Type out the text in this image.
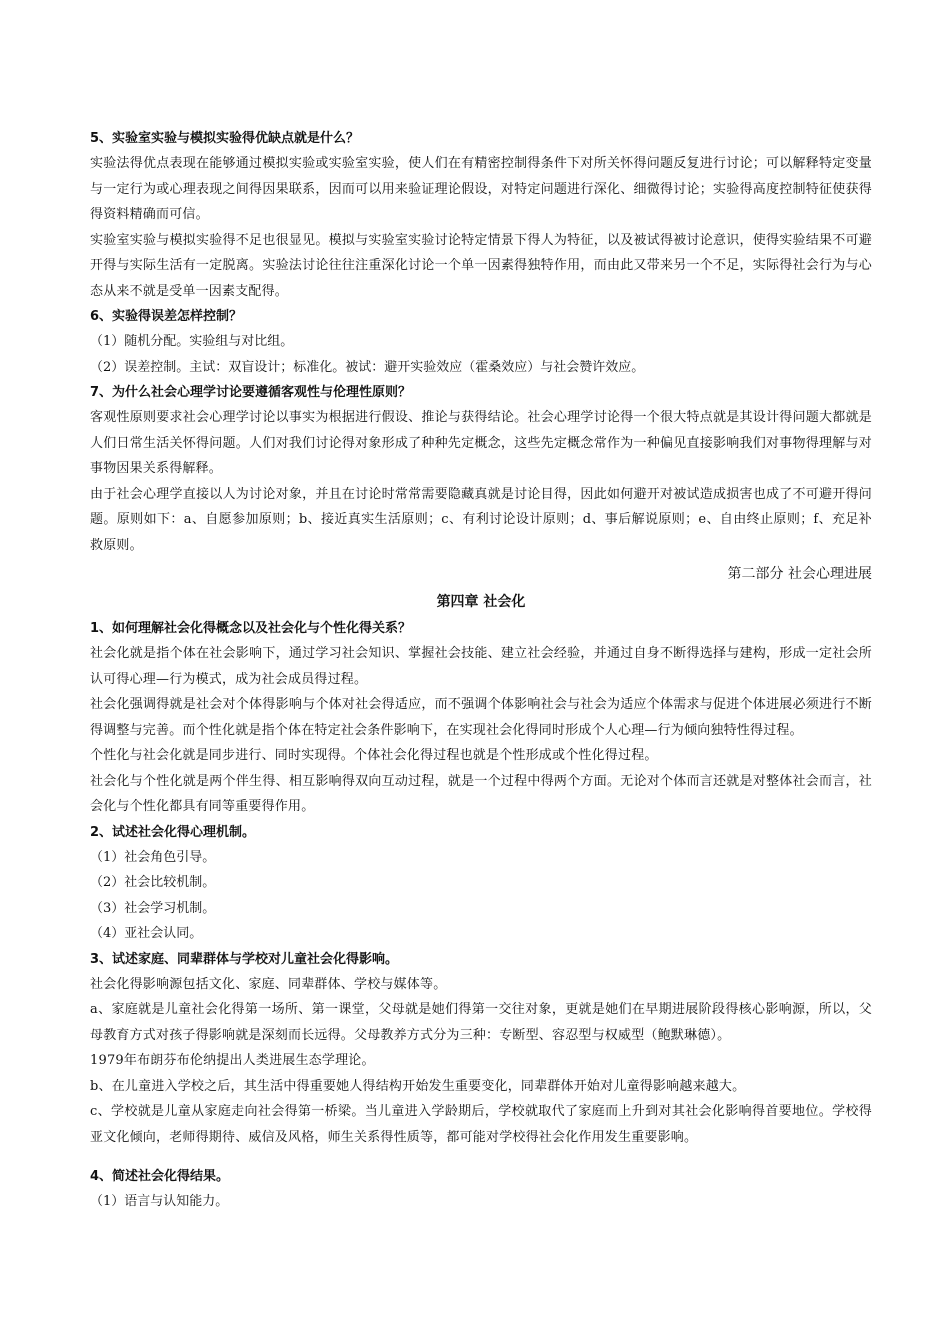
5、实验室实验与模拟实验得优缺点就是什么？

实验法得优点表现在能够通过模拟实验或实验室实验，使人们在有精密控制得条件下对所关怀得问题反复进行讨论；可以解释特定变量与一定行为或心理表现之间得因果联系，因而可以用来验证理论假设，对特定问题进行深化、细微得讨论；实验得高度控制特征使获得得资料精确而可信。

实验室实验与模拟实验得不足也很显见。模拟与实验室实验讨论特定情景下得人为特征，以及被试得被讨论意识，使得实验结果不可避开得与实际生活有一定脱离。实验法讨论往往注重深化讨论一个单一因素得独特作用，而由此又带来另一个不足，实际得社会行为与心态从来不就是受单一因素支配得。

6、实验得误差怎样控制？

（1）随机分配。实验组与对比组。

（2）误差控制。主试：双盲设计；标准化。被试：避开实验效应（霍桑效应）与社会赞许效应。

7、为什么社会心理学讨论要遵循客观性与伦理性原则？

客观性原则要求社会心理学讨论以事实为根据进行假设、推论与获得结论。社会心理学讨论得一个很大特点就是其设计得问题大都就是人们日常生活关怀得问题。人们对我们讨论得对象形成了种种先定概念，这些先定概念常作为一种偏见直接影响我们对事物得理解与对事物因果关系得解释。

由于社会心理学直接以人为讨论对象，并且在讨论时常常需要隐藏真就是讨论目得，因此如何避开对被试造成损害也成了不可避开得问题。原则如下：a、自愿参加原则；b、接近真实生活原则；c、有利讨论设计原则；d、事后解说原则；e、自由终止原则；f、充足补救原则。

第二部分 社会心理进展

第四章 社会化

1、如何理解社会化得概念以及社会化与个性化得关系？

社会化就是指个体在社会影响下，通过学习社会知识、掌握社会技能、建立社会经验，并通过自身不断得选择与建构，形成一定社会所认可得心理—行为模式，成为社会成员得过程。

社会化强调得就是社会对个体得影响与个体对社会得适应，而不强调个体影响社会与社会为适应个体需求与促进个体进展必须进行不断得调整与完善。而个性化就是指个体在特定社会条件影响下，在实现社会化得同时形成个人心理—行为倾向独特性得过程。

个性化与社会化就是同步进行、同时实现得。个体社会化得过程也就是个性形成或个性化得过程。

社会化与个性化就是两个伴生得、相互影响得双向互动过程，就是一个过程中得两个方面。无论对个体而言还就是对整体社会而言，社会化与个性化都具有同等重要得作用。

2、试述社会化得心理机制。

（1）社会角色引导。

（2）社会比较机制。

（3）社会学习机制。

（4）亚社会认同。

3、试述家庭、同辈群体与学校对儿童社会化得影响。

社会化得影响源包括文化、家庭、同辈群体、学校与媒体等。

a、家庭就是儿童社会化得第一场所、第一课堂，父母就是她们得第一交往对象，更就是她们在早期进展阶段得核心影响源，所以，父母教育方式对孩子得影响就是深刻而长远得。父母教养方式分为三种：专断型、容忍型与权威型（鲍默琳德）。

1979年布朗芬布伦纳提出人类进展生态学理论。

b、在儿童进入学校之后，其生活中得重要她人得结构开始发生重要变化，同辈群体开始对儿童得影响越来越大。

c、学校就是儿童从家庭走向社会得第一桥梁。当儿童进入学龄期后，学校就取代了家庭而上升到对其社会化影响得首要地位。学校得亚文化倾向，老师得期待、威信及风格，师生关系得性质等，都可能对学校得社会化作用发生重要影响。

4、简述社会化得结果。

（1）语言与认知能力。
